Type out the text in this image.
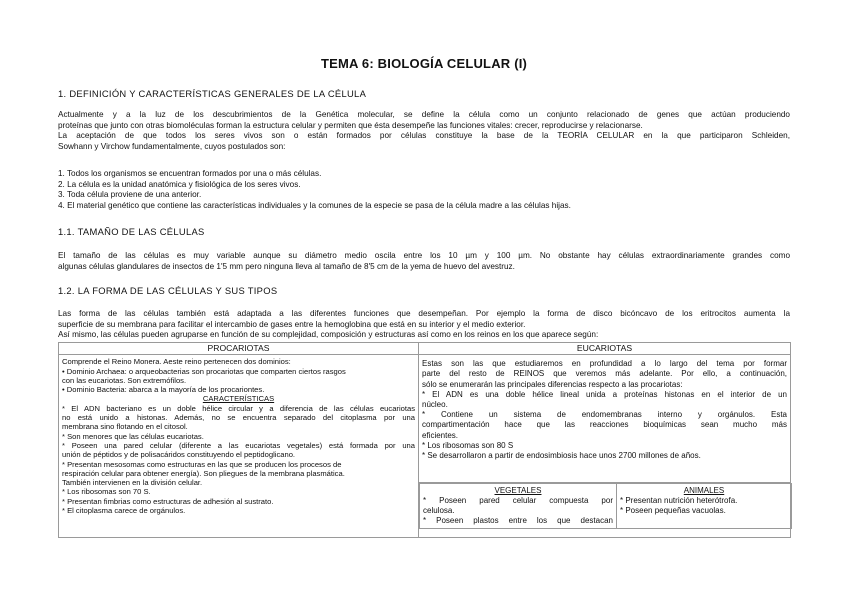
TEMA 6: BIOLOGÍA CELULAR (I)
1. DEFINICIÓN Y CARACTERÍSTICAS GENERALES DE LA CÉLULA
Actualmente y a la luz de los descubrimientos de la Genética molecular, se define la célula como un conjunto relacionado de genes que actúan produciendo
proteínas que junto con otras biomoléculas forman la estructura celular y permiten que ésta desempeñe las funciones vitales: crecer, reproducirse y relacionarse.
La aceptación de que todos los seres vivos son o están formados por células constituye la base de la TEORÍA CELULAR en la que participaron Schleiden,
Sowhann y Virchow fundamentalmente, cuyos postulados son:
1. Todos los organismos se encuentran formados por una o más células.
2. La célula es la unidad anatómica y fisiológica de los seres vivos.
3. Toda célula proviene de una anterior.
4. El material genético que contiene las características individuales y la comunes de la especie se pasa de la célula madre a las células hijas.
1.1. TAMAÑO DE LAS CÉLULAS
El tamaño de las células es muy variable aunque su diámetro medio oscila entre los 10 µm y 100 µm. No obstante hay células extraordinariamente grandes como
algunas células glandulares de insectos de 1'5 mm pero ninguna lleva al tamaño de 8'5 cm de la yema de huevo del avestruz.
1.2. LA FORMA DE LAS CÉLULAS Y SUS TIPOS
Las forma de las células también está adaptada a las diferentes funciones que desempeñan. Por ejemplo la forma de disco bicóncavo de los eritrocitos aumenta la
superficie de su membrana para facilitar el intercambio de gases entre la hemoglobina que está en su interior y el medio exterior.
Así mismo, las células pueden agruparse en función de su complejidad, composición y estructuras así como en los reinos en los que aparece según:
PROCARIOTAS	EUCARIOTAS

Comprende el Reino Monera. Aeste reino pertenecen dos dominios:
• Dominio Archaea: o arqueobacterias son procariotas que comparten ciertos rasgos
con las eucariotas. Son extremófilos.
• Dominio Bacteria: abarca a la mayoría de los procariontes.
CARACTERÍSTICAS
* El ADN bacteriano es un doble hélice circular y a diferencia de las células eucariotas
no está unido a histonas. Además, no se encuentra separado del citoplasma por una
membrana sino flotando en el citosol.
* Son menores que las células eucariotas.
* Poseen una pared celular (diferente a las eucariotas vegetales) está formada por una
unión de péptidos y de polisacáridos constituyendo el peptidoglicano.
* Presentan mesosomas como estructuras en las que se producen los procesos de
respiración celular para obtener energía). Son pliegues de la membrana plasmática.
También intervienen en la división celular.
* Los ribosomas son 70 S.
* Presentan fimbrias como estructuras de adhesión al sustrato.
* El citoplasma carece de orgánulos.

Estas son las que estudiaremos en profundidad a lo largo del tema por formar
parte del resto de REINOS que veremos más adelante. Por ello, a continuación,
sólo se enumerarán las principales diferencias respecto a las procariotas:
* El ADN es una doble hélice lineal unida a proteínas histonas en el interior de un
núcleo.
* Contiene un sistema de endomembranas interno y orgánulos. Esta
compartimentación hace que las reacciones bioquímicas sean mucho más
eficientes.
* Los ribosomas son 80 S
* Se desarrollaron a partir de endosimbiosis hace unos 2700 millones de años.

VEGETALES
* Poseen pared celular compuesta por
celulosa.
* Poseen plastos entre los que destacan

ANIMALES
* Presentan nutrición heterótrofa.
* Poseen pequeñas vacuolas.
